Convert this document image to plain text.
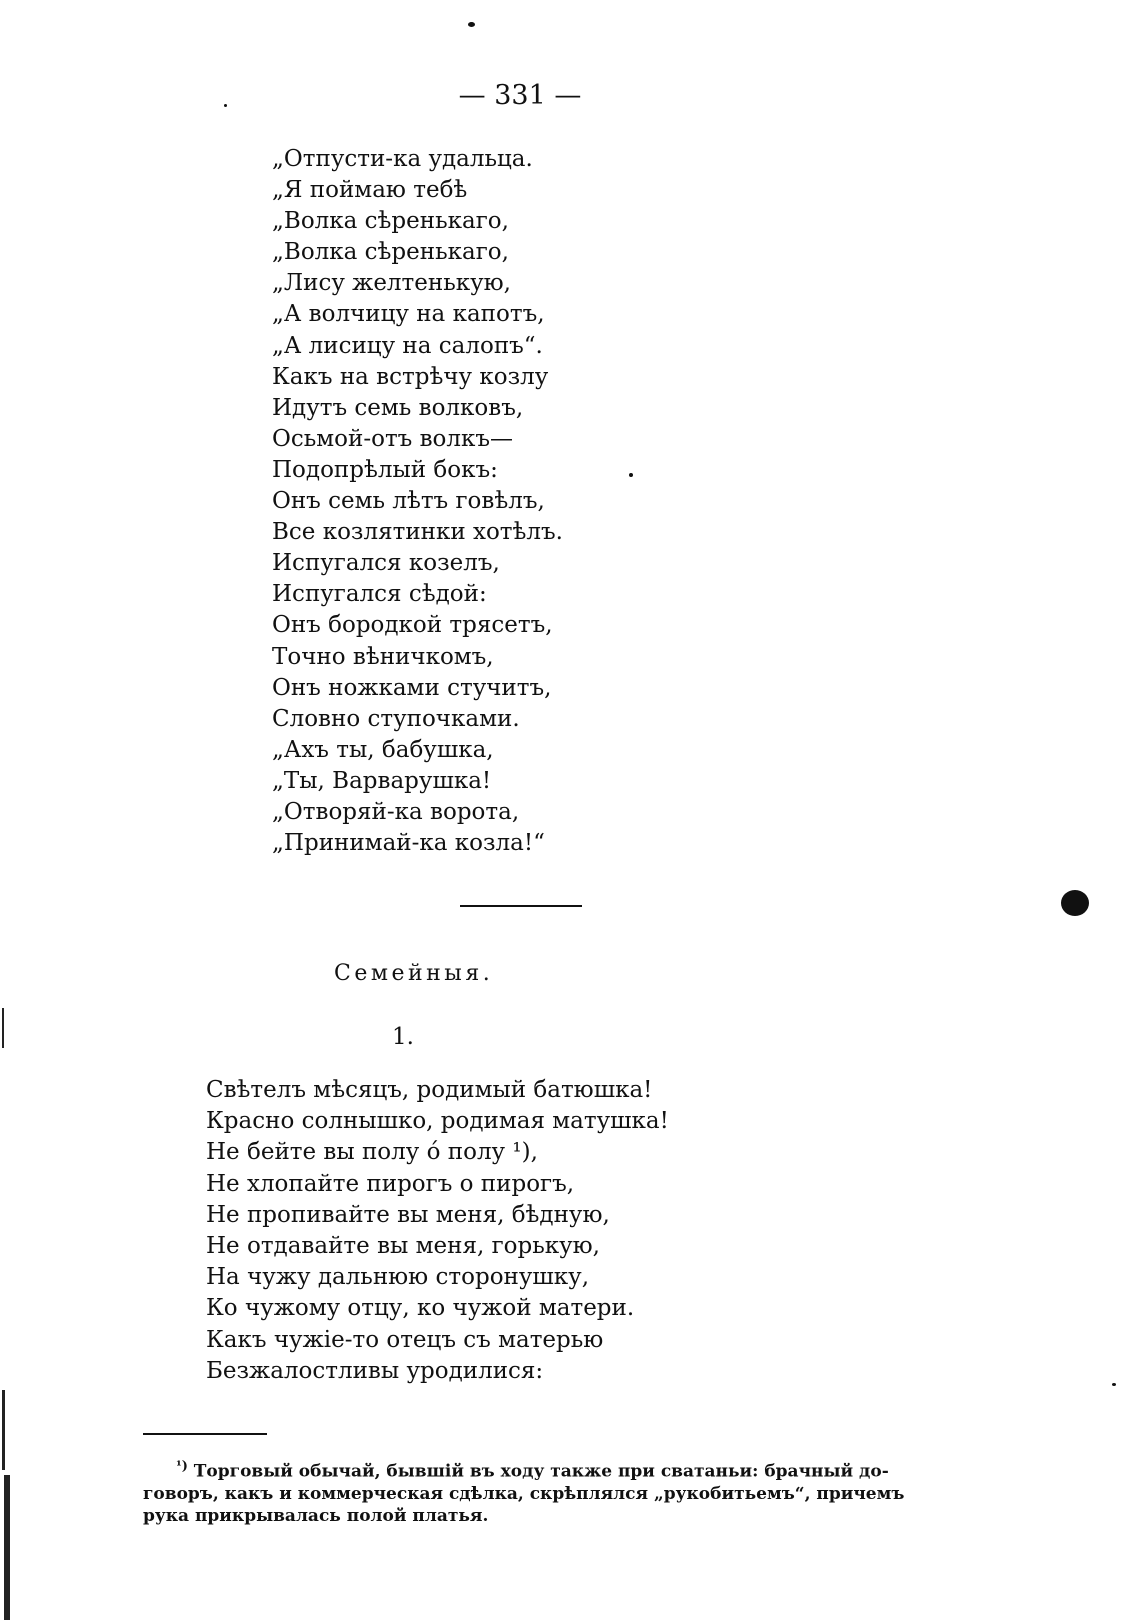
— 331 —
„Отпусти-ка удальца.
„Я поймаю тебѣ
„Волка сѣренькаго,
„Волка сѣренькаго,
„Лису желтенькую,
„А волчицу на капотъ,
„А лисицу на салопъ“.
Какъ на встрѣчу козлу
Идутъ семь волковъ,
Осьмой-отъ волкъ—
Подопрѣлый бокъ:
Онъ семь лѣтъ говѣлъ,
Все козлятинки хотѣлъ.
Испугался козелъ,
Испугался сѣдой:
Онъ бородкой трясетъ,
Точно вѣничкомъ,
Онъ ножками стучитъ,
Словно ступочками.
„Ахъ ты, бабушка,
„Ты, Варварушка!
„Отворяй-ка ворота,
„Принимай-ка козла!“
Семейныя.
1.
Свѣтелъ мѣсяцъ, родимый батюшка!
Красно солнышко, родимая матушка!
Не бейте вы полу ó полу ¹),
Не хлопайте пирогъ о пирогъ,
Не пропивайте вы меня, бѣдную,
Не отдавайте вы меня, горькую,
На чужу дальнюю сторонушку,
Ко чужому отцу, ко чужой матери.
Какъ чужіе-то отецъ съ матерью
Безжалостливы уродилися:
$^{^1)}$ Торговый обычай, бывшій въ ходу также при сватаньи: брачный до-
говоръ, какъ и коммерческая сдѣлка, скрѣплялся „рукобитьемъ“, причемъ
рука прикрывалась полой платья.
